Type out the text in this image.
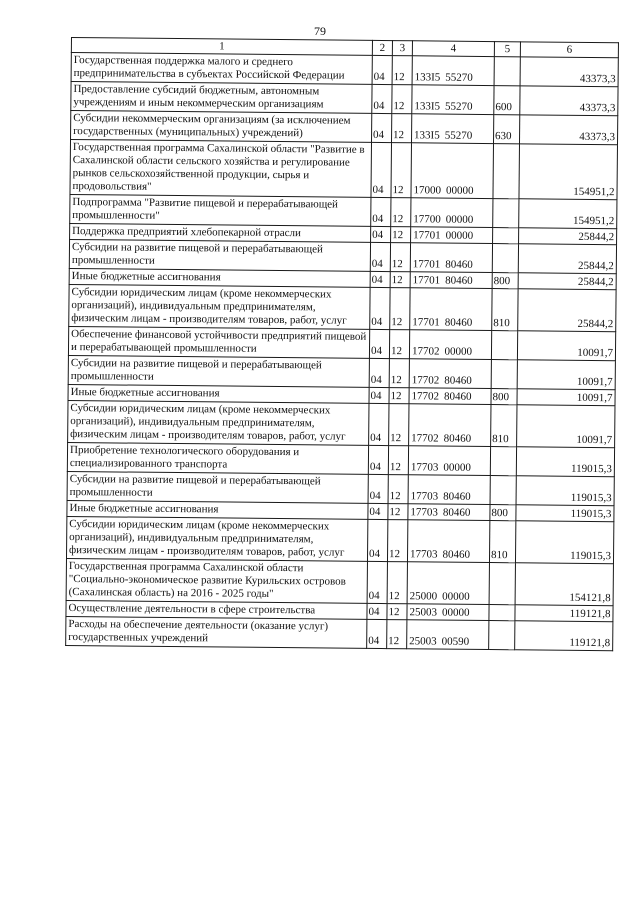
79
1	2	3	4	5	6
Государственная поддержка малого и среднего предпринимательства в субъектах Российской Федерации	04	12	133I5 55270		43373,3
Предоставление субсидий бюджетным, автономным учреждениям и иным некоммерческим организациям	04	12	133I5 55270	600	43373,3
Субсидии некоммерческим организациям (за исключением государственных (муниципальных) учреждений)	04	12	133I5 55270	630	43373,3
Государственная программа Сахалинской области "Развитие в Сахалинской области сельского хозяйства и регулирование рынков сельскохозяйственной продукции, сырья и продовольствия"	04	12	17000 00000		154951,2
Подпрограмма "Развитие пищевой и перерабатывающей промышленности"	04	12	17700 00000		154951,2
Поддержка предприятий хлебопекарной отрасли	04	12	17701 00000		25844,2
Субсидии на развитие пищевой и перерабатывающей промышленности	04	12	17701 80460		25844,2
Иные бюджетные ассигнования	04	12	17701 80460	800	25844,2
Субсидии юридическим лицам (кроме некоммерческих организаций), индивидуальным предпринимателям, физическим лицам - производителям товаров, работ, услуг	04	12	17701 80460	810	25844,2
Обеспечение финансовой устойчивости предприятий пищевой и перерабатывающей промышленности	04	12	17702 00000		10091,7
Субсидии на развитие пищевой и перерабатывающей промышленности	04	12	17702 80460		10091,7
Иные бюджетные ассигнования	04	12	17702 80460	800	10091,7
Субсидии юридическим лицам (кроме некоммерческих организаций), индивидуальным предпринимателям, физическим лицам - производителям товаров, работ, услуг	04	12	17702 80460	810	10091,7
Приобретение технологического оборудования и специализированного транспорта	04	12	17703 00000		119015,3
Субсидии на развитие пищевой и перерабатывающей промышленности	04	12	17703 80460		119015,3
Иные бюджетные ассигнования	04	12	17703 80460	800	119015,3
Субсидии юридическим лицам (кроме некоммерческих организаций), индивидуальным предпринимателям, физическим лицам - производителям товаров, работ, услуг	04	12	17703 80460	810	119015,3
Государственная программа Сахалинской области "Социально-экономическое развитие Курильских островов (Сахалинская область) на 2016 - 2025 годы"	04	12	25000 00000		154121,8
Осуществление деятельности в сфере строительства	04	12	25003 00000		119121,8
Расходы на обеспечение деятельности (оказание услуг) государственных учреждений	04	12	25003 00590		119121,8
